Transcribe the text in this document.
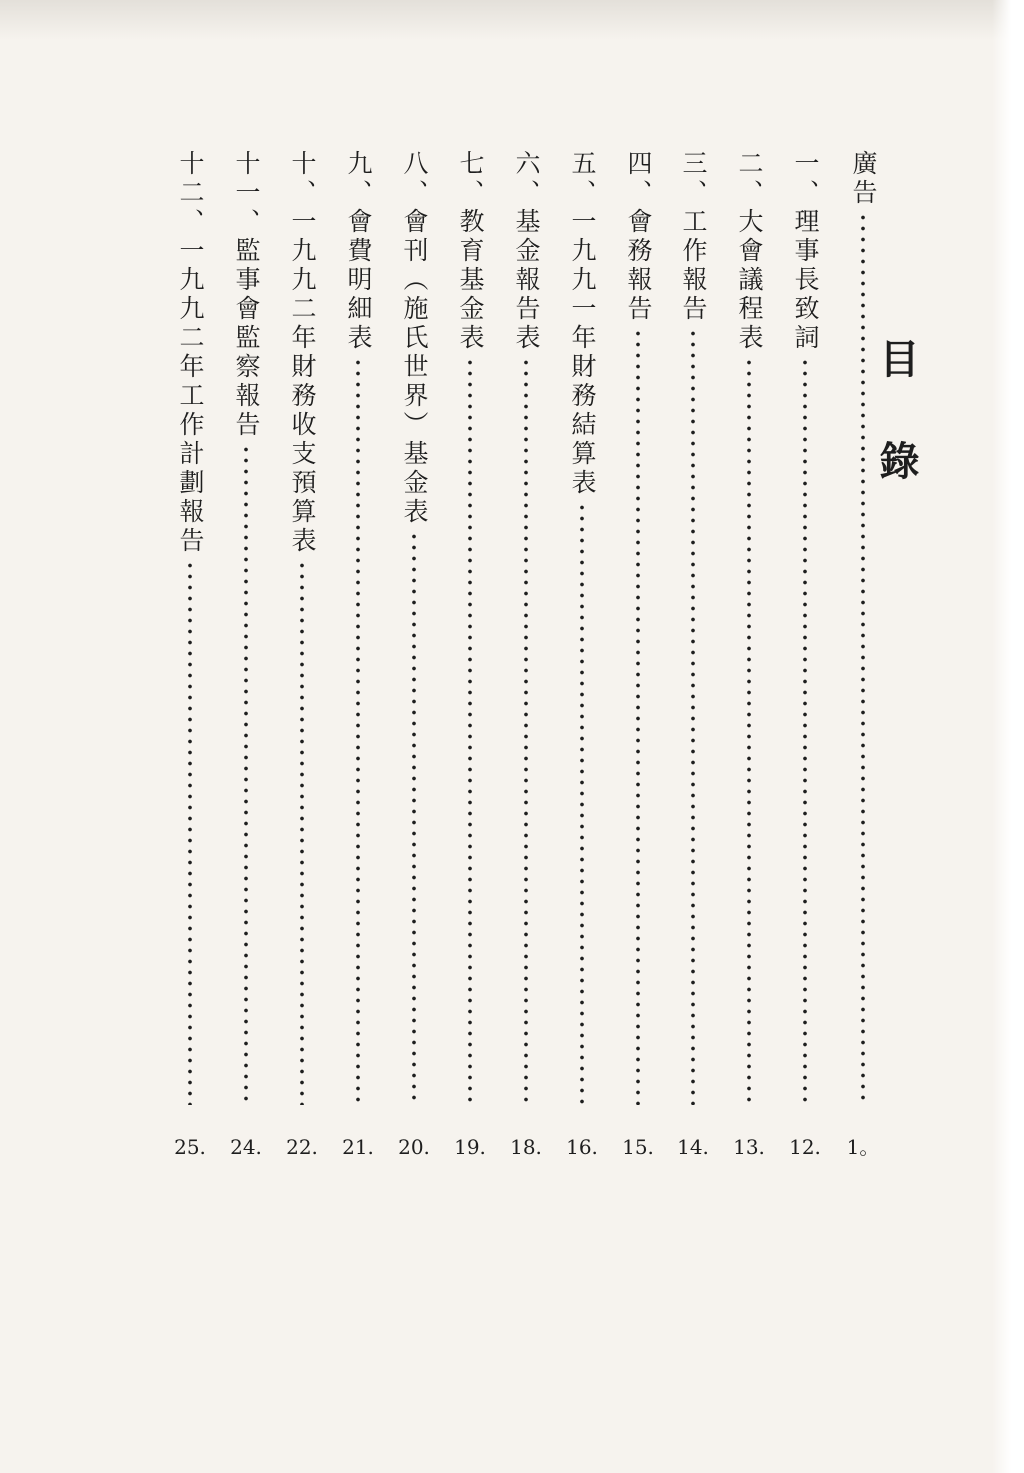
目 錄
廣告
1。
一、理事長致詞
12.
二、大會議程表
13.
三、工作報告
14.
四、會務報告
15.
五、一九九一年財務結算表
16.
六、基金報告表
18.
七、教育基金表
19.
八、會刊（施氏世界）基金表
20.
九、會費明細表
21.
十、一九九二年財務收支預算表
22.
十一、監事會監察報告
24.
十二、一九九二年工作計劃報告
25.
